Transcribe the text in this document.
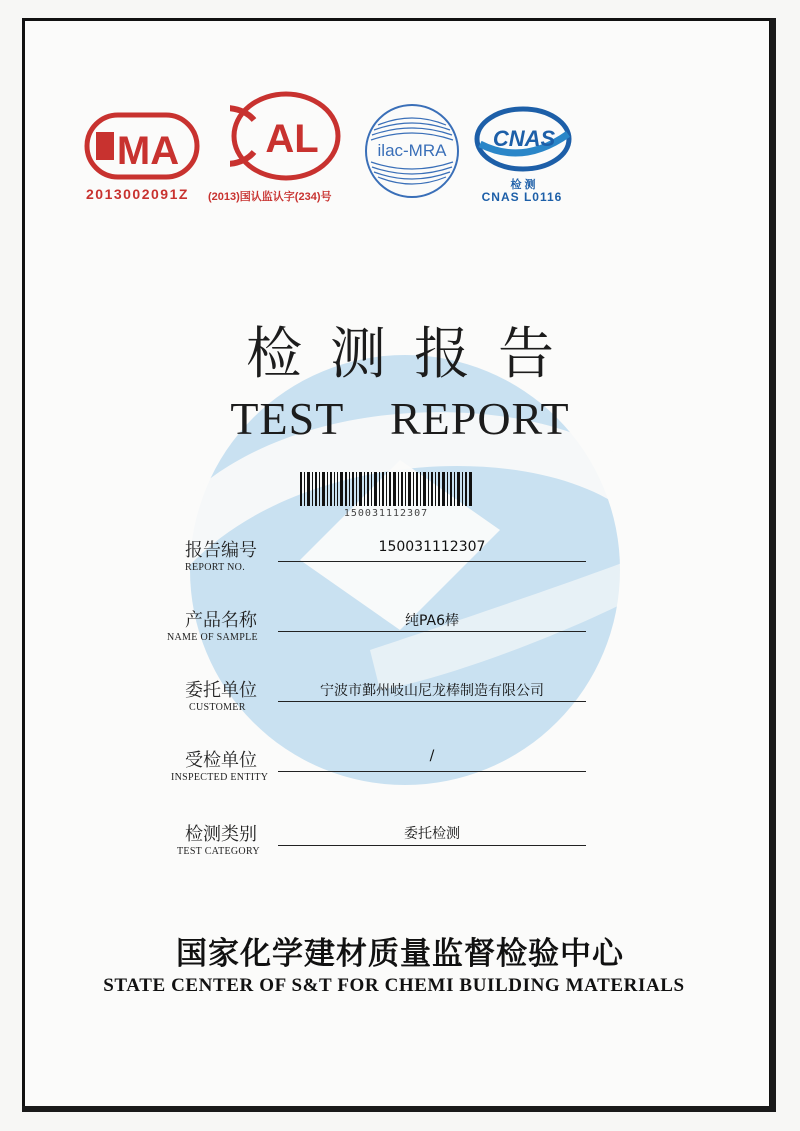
MA
2013002091Z
AL
(2013)国认监认字(234)号
ilac-MRA CNAS
检 测
CNAS L0116
检测报告
TEST REPORT
150031112307
报告编号
REPORT NO.
150031112307
产品名称
NAME OF SAMPLE
纯PA6棒
委托单位
CUSTOMER
宁波市鄞州岐山尼龙棒制造有限公司
受检单位
INSPECTED ENTITY
/
检测类别
TEST CATEGORY
委托检测
国家化学建材质量监督检验中心
STATE CENTER OF S&T FOR CHEMI BUILDING MATERIALS
